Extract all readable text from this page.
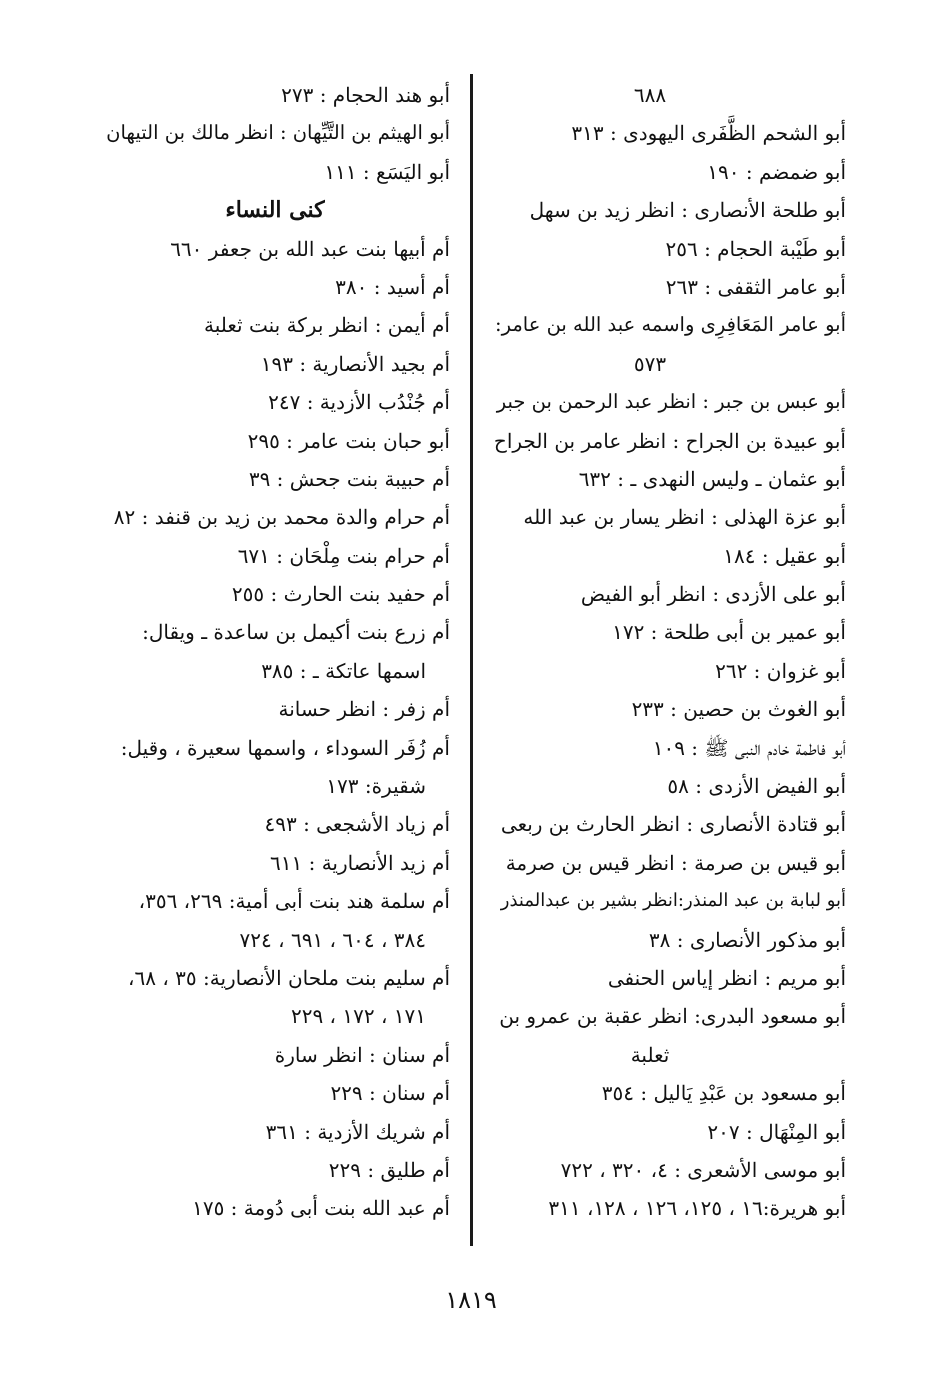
٦٨٨
أبو الشحم الظَّفَرى اليهودى : ٣١٣
أبو ضمضم : ١٩٠
أبو طلحة الأنصارى : انظر زيد بن سهل
أبو طَيْبة الحجام : ٢٥٦
أبو عامر الثقفى : ٢٦٣
أبو عامر المَعَافِرِى واسمه عبد الله بن عامر:
٥٧٣
أبو عبس بن جبر : انظر عبد الرحمن بن جبر
أبو عبيدة بن الجراح : انظر عامر بن الجراح
أبو عثمان ـ وليس النهدى ـ : ٦٣٢
أبو عزة الهذلى : انظر يسار بن عبد الله
أبو عقيل : ١٨٤
أبو على الأزدى : انظر أبو الفيض
أبو عمير بن أبى طلحة : ١٧٢
أبو غزوان : ٢٦٢
أبو الغوث بن حصين : ٢٣٣
أبو فاطمة خادم النبى ﷺ : ١٠٩
أبو الفيض الأزدى : ٥٨
أبو قتادة الأنصارى : انظر الحارث بن ربعى
أبو قيس بن صرمة : انظر قيس بن صرمة
أبو لبابة بن عبد المنذر:انظر بشير بن عبدالمنذر
أبو مذكور الأنصارى : ٣٨
أبو مريم : انظر إياس الحنفى
أبو مسعود البدرى: انظر عقبة بن عمرو بن
ثعلبة
أبو مسعود بن عَبْدِ يَاليل : ٣٥٤
أبو المِنْهَال : ٢٠٧
أبو موسى الأشعرى : ٤، ٣٢٠ ، ٧٢٢
أبو هريرة:١٦ ، ١٢٥، ١٢٦ ، ١٢٨، ٣١١
أبو هند الحجام : ٢٧٣
أبو الهيثم بن التَّيِّهان : انظر مالك بن التيهان
أبو اليَسَع : ١١١
كنى النساء
أم أبيها بنت عبد الله بن جعفر ٦٦٠
أم أسيد : ٣٨٠
أم أيمن : انظر بركة بنت ثعلبة
أم بجيد الأنصارية : ١٩٣
أم جُنْدُب الأزدية : ٢٤٧
أبو حبان بنت عامر : ٢٩٥
أم حبيبة بنت جحش : ٣٩
أم حرام والدة محمد بن زيد بن قنفد : ٨٢
أم حرام بنت مِلْحَان : ٦٧١
أم حفيد بنت الحارث : ٢٥٥
أم زرع بنت أكيمل بن ساعدة ـ ويقال:
اسمها عاتكة ـ : ٣٨٥
أم زفر : انظر حسانة
أم زُفَر السوداء ، واسمها سعيرة ، وقيل:
شقيرة: ١٧٣
أم زياد الأشجعى : ٤٩٣
أم زيد الأنصارية : ٦١١
أم سلمة هند بنت أبى أمية: ٢٦٩، ٣٥٦،
٣٨٤ ، ٦٠٤ ، ٦٩١ ، ٧٢٤
أم سليم بنت ملحان الأنصارية: ٣٥ ، ٦٨،
١٧١ ، ١٧٢ ، ٢٢٩
أم سنان : انظر سارة
أم سنان : ٢٢٩
أم شريك الأزدية : ٣٦١
أم طليق : ٢٢٩
أم عبد الله بنت أبى دُومة : ١٧٥
١٨١٩
